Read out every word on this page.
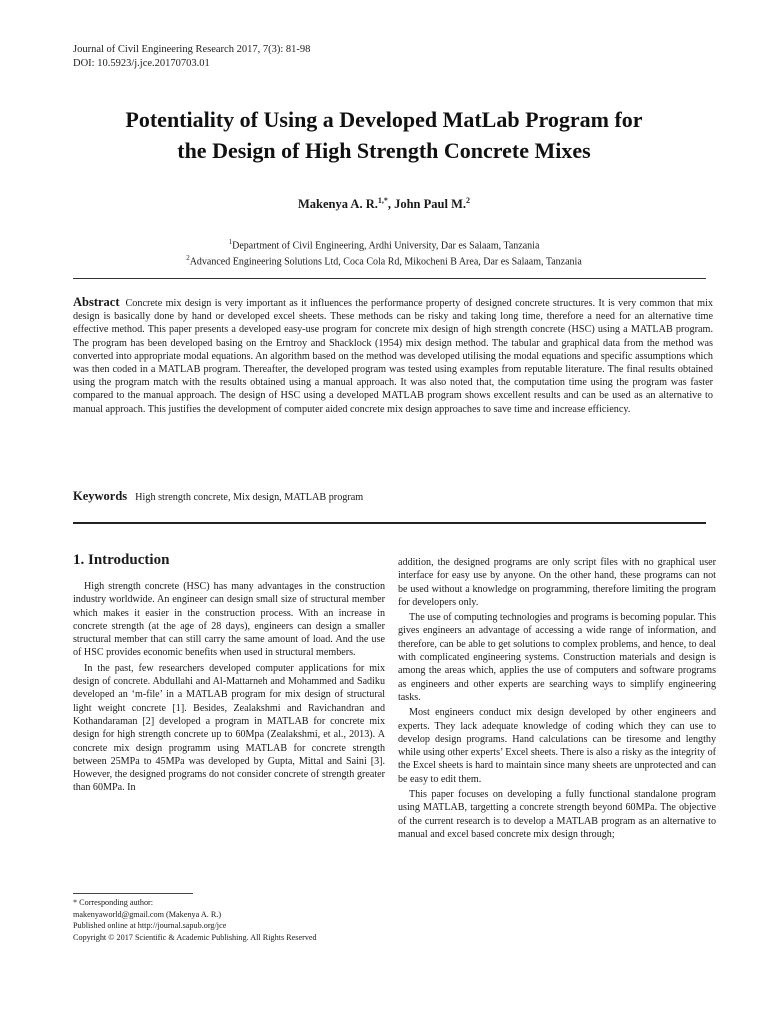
Journal of Civil Engineering Research 2017, 7(3): 81-98
DOI: 10.5923/j.jce.20170703.01
Potentiality of Using a Developed MatLab Program for
the Design of High Strength Concrete Mixes
Makenya A. R.$^{1,*}$, John Paul M.$^2$
$^1$Department of Civil Engineering, Ardhi University, Dar es Salaam, Tanzania
$^2$Advanced Engineering Solutions Ltd, Coca Cola Rd, Mikocheni B Area, Dar es Salaam, Tanzania
Abstract Concrete mix design is very important as it influences the performance property of designed concrete structures. It is very common that mix design is basically done by hand or developed excel sheets. These methods can be risky and taking long time, therefore a need for an alternative time effective method. This paper presents a developed easy-use program for concrete mix design of high strength concrete (HSC) using a MATLAB program. The program has been developed basing on the Erntroy and Shacklock (1954) mix design method. The tabular and graphical data from the method was converted into appropriate modal equations. An algorithm based on the method was developed utilising the modal equations and specific assumptions which was then coded in a MATLAB program. Thereafter, the developed program was tested using examples from reputable literature. The final results obtained using the program match with the results obtained using a manual approach. It was also noted that, the computation time using the program was faster compared to the manual approach. The design of HSC using a developed MATLAB program shows excellent results and can be used as an alternative to manual approach. This justifies the development of computer aided concrete mix design approaches to save time and increase efficiency.
Keywords High strength concrete, Mix design, MATLAB program
1. Introduction

High strength concrete (HSC) has many advantages in the construction industry worldwide. An engineer can design small size of structural member which makes it easier in the construction process. With an increase in concrete strength (at the age of 28 days), engineers can design a smaller structural member that can still carry the same amount of load. And the use of HSC provides economic benefits when used in structural members.

In the past, few researchers developed computer applications for mix design of concrete. Abdullahi and Al-Mattarneh and Mohammed and Sadiku developed an ‘m-file’ in a MATLAB program for mix design of structural light weight concrete [1]. Besides, Zealakshmi and Ravichandran and Kothandaraman [2] developed a program in MATLAB for concrete mix design for high strength concrete up to 60Mpa (Zealakshmi, et al., 2013). A concrete mix design programm using MATLAB for concrete strength between 25MPa to 45MPa was developed by Gupta, Mittal and Saini [3]. However, the designed programs do not consider concrete of strength greater than 60MPa. In

addition, the designed programs are only script files with no graphical user interface for easy use by anyone. On the other hand, these programs can not be used without a knowledge on programming, therefore limiting the program for developers only.

The use of computing technologies and programs is becoming popular. This gives engineers an advantage of accessing a wide range of information, and therefore, can be able to get solutions to complex problems, and hence, to deal with complicated engineering systems. Construction materials and design is among the areas which, applies the use of computers and software programs as engineers and other experts are searching ways to simplify engineering tasks.

Most engineers conduct mix design developed by other engineers and experts. They lack adequate knowledge of coding which they can use to develop design programs. Hand calculations can be tiresome and lengthy while using other experts’ Excel sheets. There is also a risky as the integrity of the Excel sheets is hard to maintain since many sheets are unprotected and can be easy to edit them.

This paper focuses on developing a fully functional standalone program using MATLAB, targetting a concrete strength beyond 60MPa. The objective of the current research is to develop a MATLAB program as an alternative to manual and excel based concrete mix design through;

* Corresponding author:
makenyaworld@gmail.com (Makenya A. R.)
Published online at http://journal.sapub.org/jce
Copyright © 2017 Scientific & Academic Publishing. All Rights Reserved
